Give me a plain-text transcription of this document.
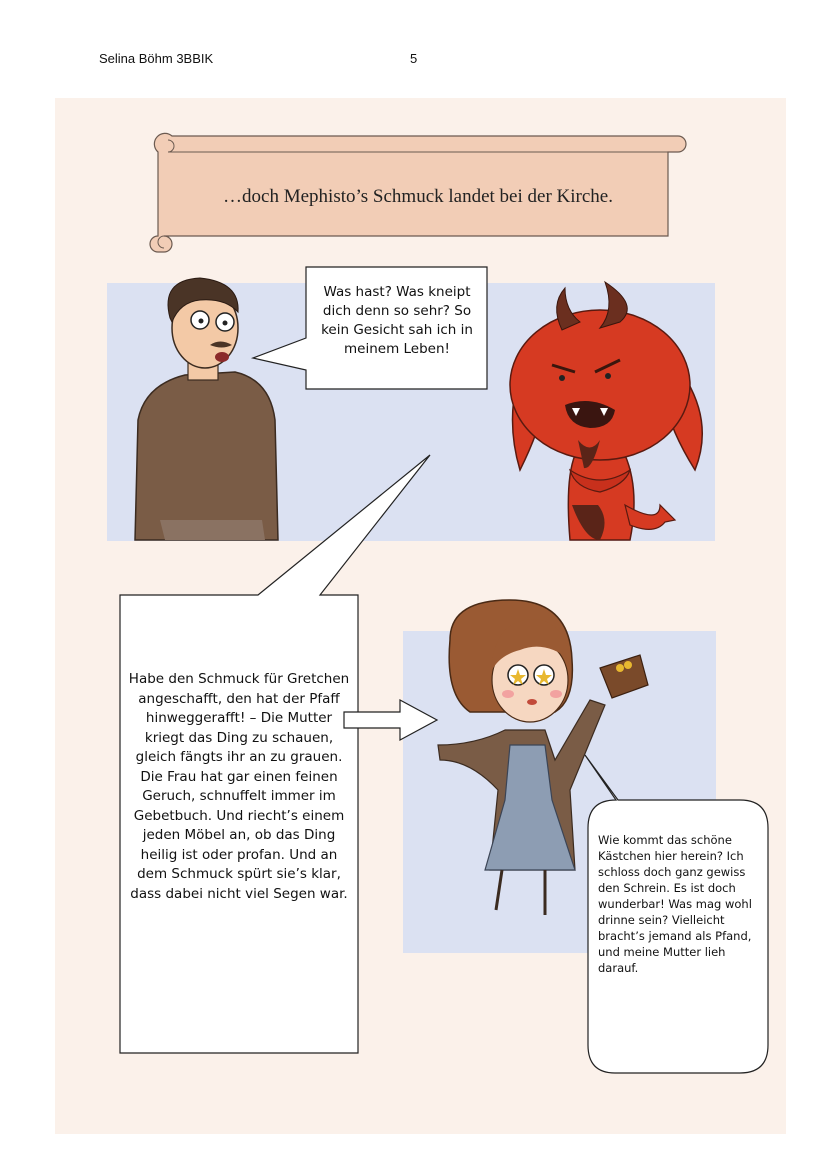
Selina Böhm 3BBIK	5
…doch Mephisto’s Schmuck landet bei der Kirche.
Was hast? Was kneipt dich denn so sehr? So kein Gesicht sah ich in meinem Leben!
Habe den Schmuck für Gretchen angeschafft, den hat der Pfaff hinweggerafft! – Die Mutter kriegt das Ding zu schauen, gleich fängts ihr an zu grauen. Die Frau hat gar einen feinen Geruch, schnuffelt immer im Gebetbuch. Und riecht’s einem jeden Möbel an, ob das Ding heilig ist oder profan. Und an dem Schmuck spürt sie’s klar, dass dabei nicht viel Segen war.
Wie kommt das schöne Kästchen hier herein? Ich schloss doch ganz gewiss den Schrein. Es ist doch wunderbar! Was mag wohl drinne sein? Vielleicht bracht’s jemand als Pfand, und meine Mutter lieh darauf.
